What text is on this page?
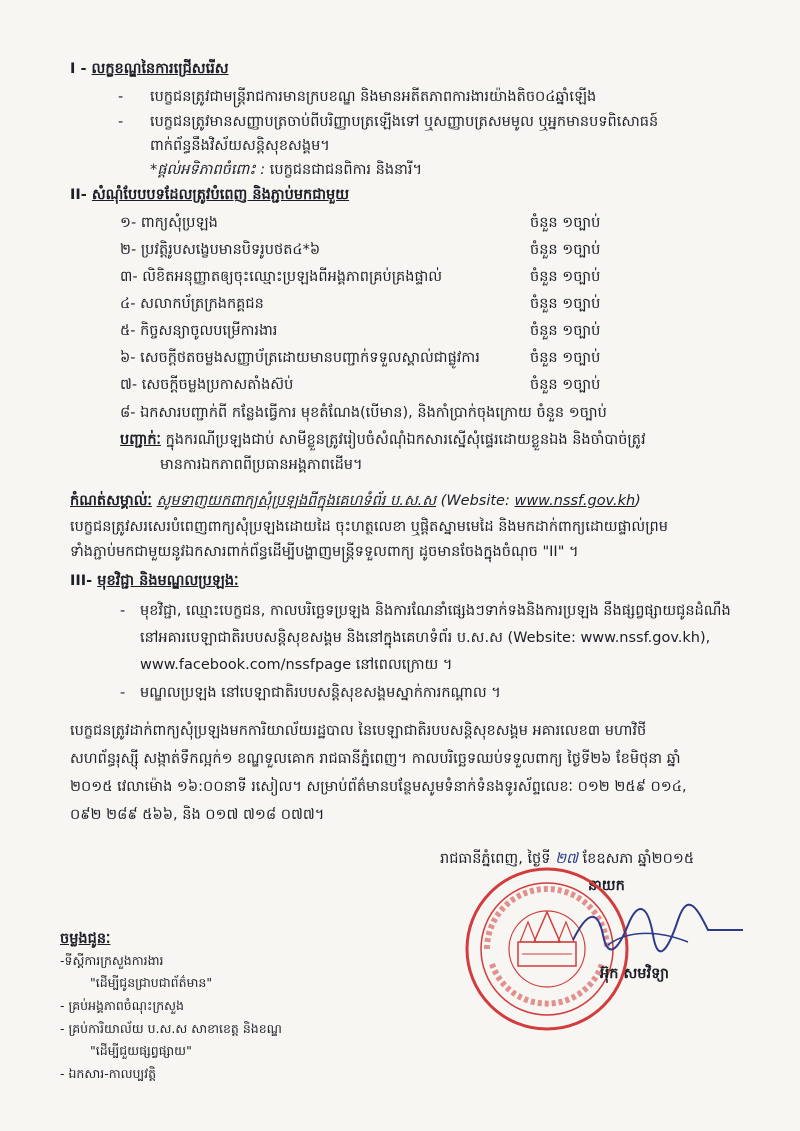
I - លក្ខខណ្ឌនៃការជ្រើសរើស
- បេក្ខជនត្រូវជាមន្ត្រីរាជការមានក្របខណ្ឌ និងមានអតីតភាពការងារយ៉ាងតិច០៤ឆ្នាំឡើង
- បេក្ខជនត្រូវមានសញ្ញាបត្រចាប់ពីបរិញ្ញាបត្រឡើងទៅ ឬសញ្ញាបត្រសមមូល ឬអ្នកមានបទពិសោធន៍
ពាក់ព័ន្ធនឹងវិស័យសន្តិសុខសង្គម។
*ផ្តល់អទិភាពចំពោះ : បេក្ខជនជាជនពិការ និងនារី។
II- សំណុំបែបបទដែលត្រូវបំពេញ និងភ្ជាប់មកជាមួយ
១- ពាក្យសុំប្រឡង	ចំនួន ១ច្បាប់
២- ប្រវត្តិរូបសង្ខេបមានបិទរូបថត៤*៦	ចំនួន ១ច្បាប់
៣- លិខិតអនុញ្ញាតឲ្យចុះឈ្មោះប្រឡងពីអង្គភាពគ្រប់គ្រងផ្ទាល់	ចំនួន ១ច្បាប់
៤- សលាកប័ត្រក្រងកគ្គជន	ចំនួន ១ច្បាប់
៥- កិច្ចសន្យាចូលបម្រើការងារ	ចំនួន ១ច្បាប់
៦- សេចក្តីថតចម្លងសញ្ញាប័ត្រដោយមានបញ្ជាក់ទទួលស្គាល់ជាផ្លូវការ	ចំនួន ១ច្បាប់
៧- សេចក្តីចម្លងប្រកាសតាំងស៊ប់	ចំនួន ១ច្បាប់
៨- ឯកសារបញ្ជាក់ពី កន្លែងធ្វើការ មុខតំណែង(បើមាន), និងកាំប្រាក់ចុងក្រោយ ចំនួន ១ច្បាប់
បញ្ជាក់ៈ ក្នុងករណីប្រឡងជាប់ សាមីខ្លួនត្រូវរៀបចំសំណុំឯកសារស្នើសុំផ្ទេរដោយខ្លួនឯង និងចាំបាច់ត្រូវ
មានការឯកភាពពីប្រធានអង្គភាពដើម។
កំណត់សម្គាល់ៈ សូមទាញយកពាក្យសុំប្រឡងពីក្នុងគេហទំព័រ ប.ស.ស (Website: www.nssf.gov.kh)
បេក្ខជនត្រូវសរសេរបំពេញពាក្យសុំប្រឡងដោយដៃ ចុះហត្ថលេខា ឬផ្តិតស្នាមមេដៃ និងមកដាក់ពាក្យដោយផ្ទាល់ព្រម
ទាំងភ្ជាប់មកជាមួយនូវឯកសារពាក់ព័ន្ធដើម្បីបង្ហាញមន្ត្រីទទួលពាក្យ ដូចមានចែងក្នុងចំណុច "II" ។
III- មុខវិជ្ជា និងមណ្ឌលប្រឡងៈ
- មុខវិជ្ជា, ឈ្មោះបេក្ខជន, កាលបរិច្ឆេទប្រឡង និងការណែនាំផ្សេងៗទាក់ទងនិងការប្រឡង នឹងផ្សព្វផ្សាយជូនដំណឹង
នៅអគារបេឡាជាតិរបបសន្តិសុខសង្គម និងនៅក្នុងគេហទំព័រ ប.ស.ស (Website: www.nssf.gov.kh),
www.facebook.com/nssfpage នៅពេលក្រោយ ។
- មណ្ឌលប្រឡង នៅបេឡាជាតិរបបសន្តិសុខសង្គមស្នាក់ការកណ្តាល ។
បេក្ខជនត្រូវដាក់ពាក្យសុំប្រឡងមកការិយាល័យរដ្ឋបាល នៃបេឡាជាតិរបបសន្តិសុខសង្គម អគារលេខ៣ មហាវិថី
សហព័ន្ធរុស្ស៊ី សង្កាត់ទឹកល្អក់១ ខណ្ឌទួលគោក រាជធានីភ្នំពេញ។ កាលបរិច្ឆេទឈប់ទទួលពាក្យ ថ្ងៃទី២៦ ខែមិថុនា ឆ្នាំ
២០១៥ វេលាម៉ោង ១៦:០០នាទី រសៀល។ សម្រាប់ព័ត៌មានបន្ថែមសូមទំនាក់ទំនងទូរស័ព្ទលេខៈ ០១២ ២៥៩ ០១៤,
០៩២ ២៨៩ ៥៦៦, និង ០១៧ ៧១៨ ០៧៧។
រាជធានីភ្នំពេញ, ថ្ងៃទី ២៧ ខែឧសភា ឆ្នាំ២០១៥
នាយក
អ៊ុក សមវិទ្យា
ចម្លងជូនៈ
-ទីស្តីការក្រសួងការងារ
"ដើម្បីជូនជ្រាបជាព័ត៌មាន"
- គ្រប់អង្គភាពចំណុះក្រសួង
- គ្រប់ការិយាល័យ ប.ស.ស សាខាខេត្ត និងខណ្ឌ
"ដើម្បីជួយផ្សព្វផ្សាយ"
- ឯកសារ-កាលប្បវត្តិ
